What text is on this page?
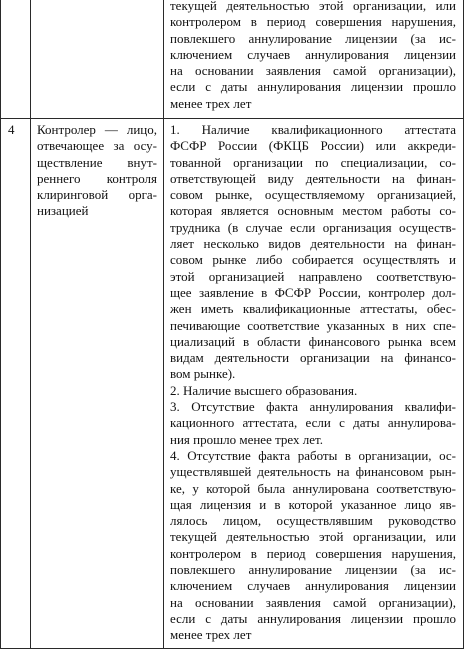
текущей деятельностью этой организации, или
контролером в период совершения нарушения,
повлекшего аннулирование лицензии (за ис-
ключением случаев аннулирования лицензии
на основании заявления самой организации),
если с даты аннулирования лицензии прошло
менее трех лет
4	Контролер — лицо,
отвечающее за осу-
ществление внут-
реннего контроля
клиринговой орга-
низацией
1. Наличие квалификационного аттестата
ФСФР России (ФКЦБ России) или аккреди-
тованной организации по специализации, со-
ответствующей виду деятельности на финан-
совом рынке, осуществляемому организацией,
которая является основным местом работы со-
трудника (в случае если организация осуществ-
ляет несколько видов деятельности на финан-
совом рынке либо собирается осуществлять и
этой организацией направлено соответствую-
щее заявление в ФСФР России, контролер дол-
жен иметь квалификационные аттестаты, обес-
печивающие соответствие указанных в них спе-
циализаций в области финансового рынка всем
видам деятельности организации на финансо-
вом рынке).
2. Наличие высшего образования.
3. Отсутствие факта аннулирования квалифи-
кационного аттестата, если с даты аннулирова-
ния прошло менее трех лет.
4. Отсутствие факта работы в организации, ос-
уществлявшей деятельность на финансовом рын-
ке, у которой была аннулирована соответствую-
щая лицензия и в которой указанное лицо яв-
лялось лицом, осуществлявшим руководство
текущей деятельностью этой организации, или
контролером в период совершения нарушения,
повлекшего аннулирование лицензии (за ис-
ключением случаев аннулирования лицензии
на основании заявления самой организации),
если с даты аннулирования лицензии прошло
менее трех лет
